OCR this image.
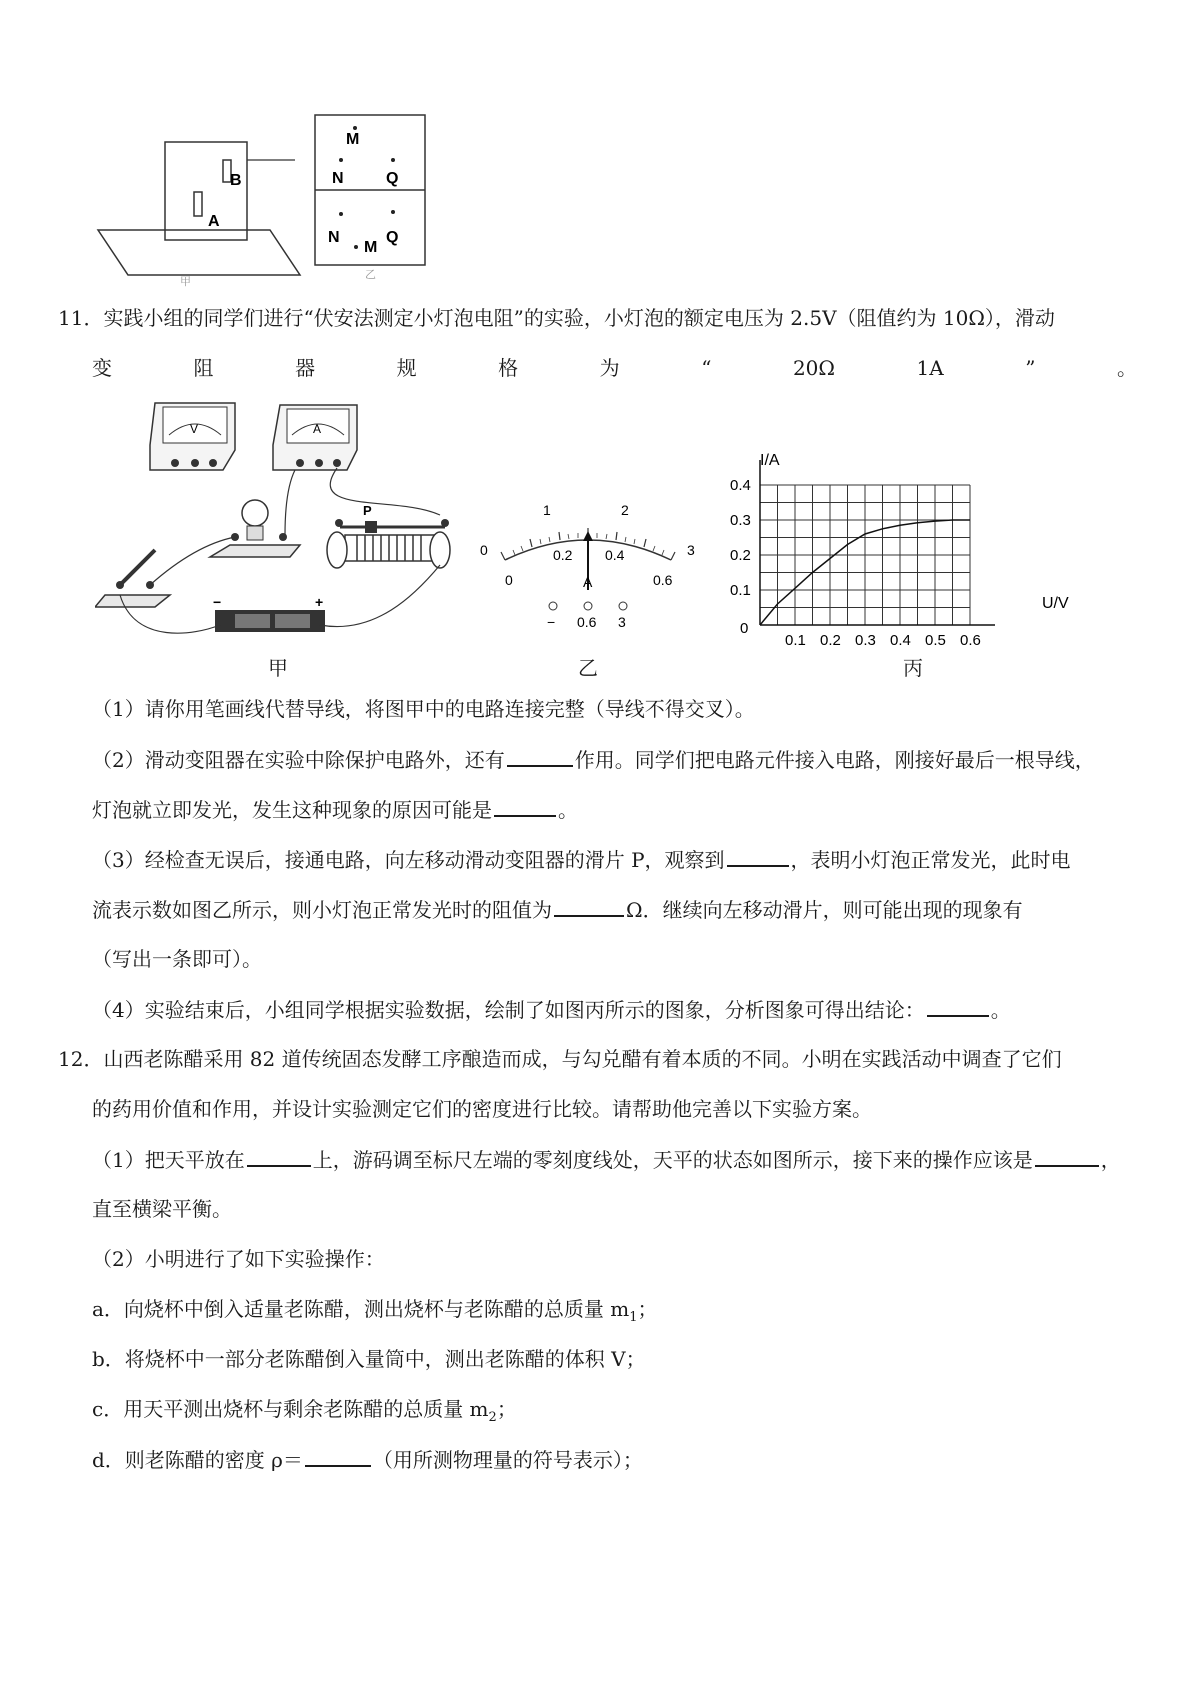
B
A
甲
M
N	Q
N
M
Q
乙
11．实践小组的同学们进行“伏安法测定小灯泡电阻”的实验，小灯泡的额定电压为 2.5V（阻值约为 10Ω），滑动
变	阻	器	规	格	为	“	20Ω	1A	”	。
V	A
P
−	+
甲
0
1	2
3
0
0.2 0.4
0.6
A
− 0.6 3
乙
0.1 0.2 0.3 0.4 0.5 0.6
0.1
0.2
0.3
0.4
I/A
U/V
0
丙
（1）请你用笔画线代替导线，将图甲中的电路连接完整（导线不得交叉）。
（2）滑动变阻器在实验中除保护电路外，还有	作用。同学们把电路元件接入电路，刚接好最后一根导线，
灯泡就立即发光，发生这种现象的原因可能是	。
（3）经检查无误后，接通电路，向左移动滑动变阻器的滑片 P，观察到	，表明小灯泡正常发光，此时电
流表示数如图乙所示，则小灯泡正常发光时的阻值为	Ω．继续向左移动滑片，则可能出现的现象有
（写出一条即可）。
（4）实验结束后，小组同学根据实验数据，绘制了如图丙所示的图象，分析图象可得出结论：	。
12．山西老陈醋采用 82 道传统固态发酵工序酿造而成，与勾兑醋有着本质的不同。小明在实践活动中调查了它们
的药用价值和作用，并设计实验测定它们的密度进行比较。请帮助他完善以下实验方案。
（1）把天平放在	上，游码调至标尺左端的零刻度线处，天平的状态如图所示，接下来的操作应该是	，
直至横梁平衡。
（2）小明进行了如下实验操作：
a．向烧杯中倒入适量老陈醋，测出烧杯与老陈醋的总质量 $m_1$；
b．将烧杯中一部分老陈醋倒入量筒中，测出老陈醋的体积 V；
c．用天平测出烧杯与剩余老陈醋的总质量 $m_2$；
d．则老陈醋的密度 ρ＝	（用所测物理量的符号表示）；
